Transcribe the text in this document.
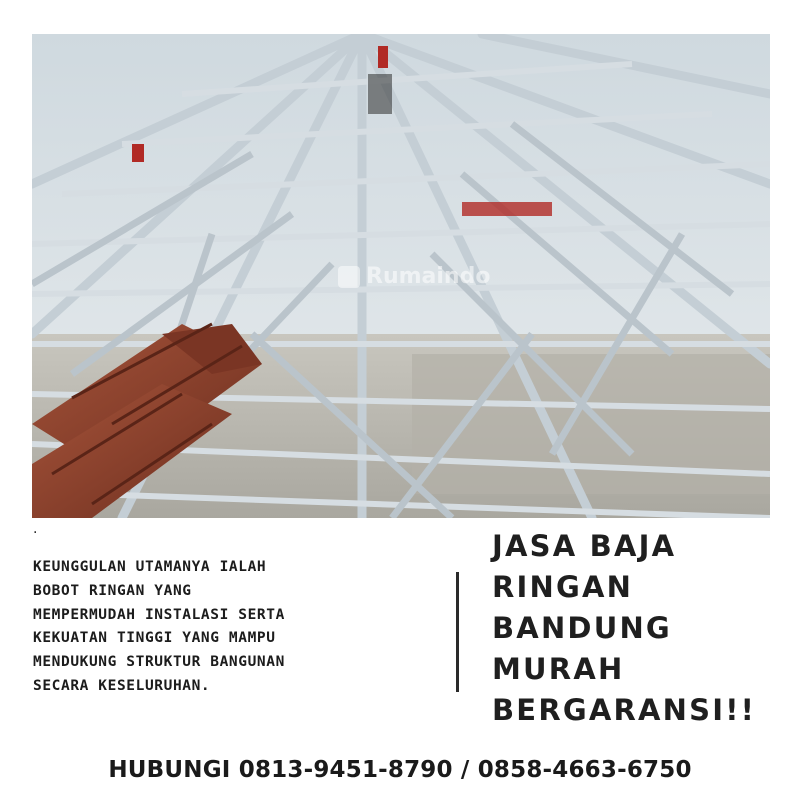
Rumaindo
.
KEUNGGULAN UTAMANYA IALAH
BOBOT RINGAN YANG
MEMPERMUDAH INSTALASI SERTA
KEKUATAN TINGGI YANG MAMPU
MENDUKUNG STRUKTUR BANGUNAN
SECARA KESELURUHAN.
JASA BAJA
RINGAN
BANDUNG
MURAH
BERGARANSI!!
HUBUNGI 0813-9451-8790 / 0858-4663-6750
